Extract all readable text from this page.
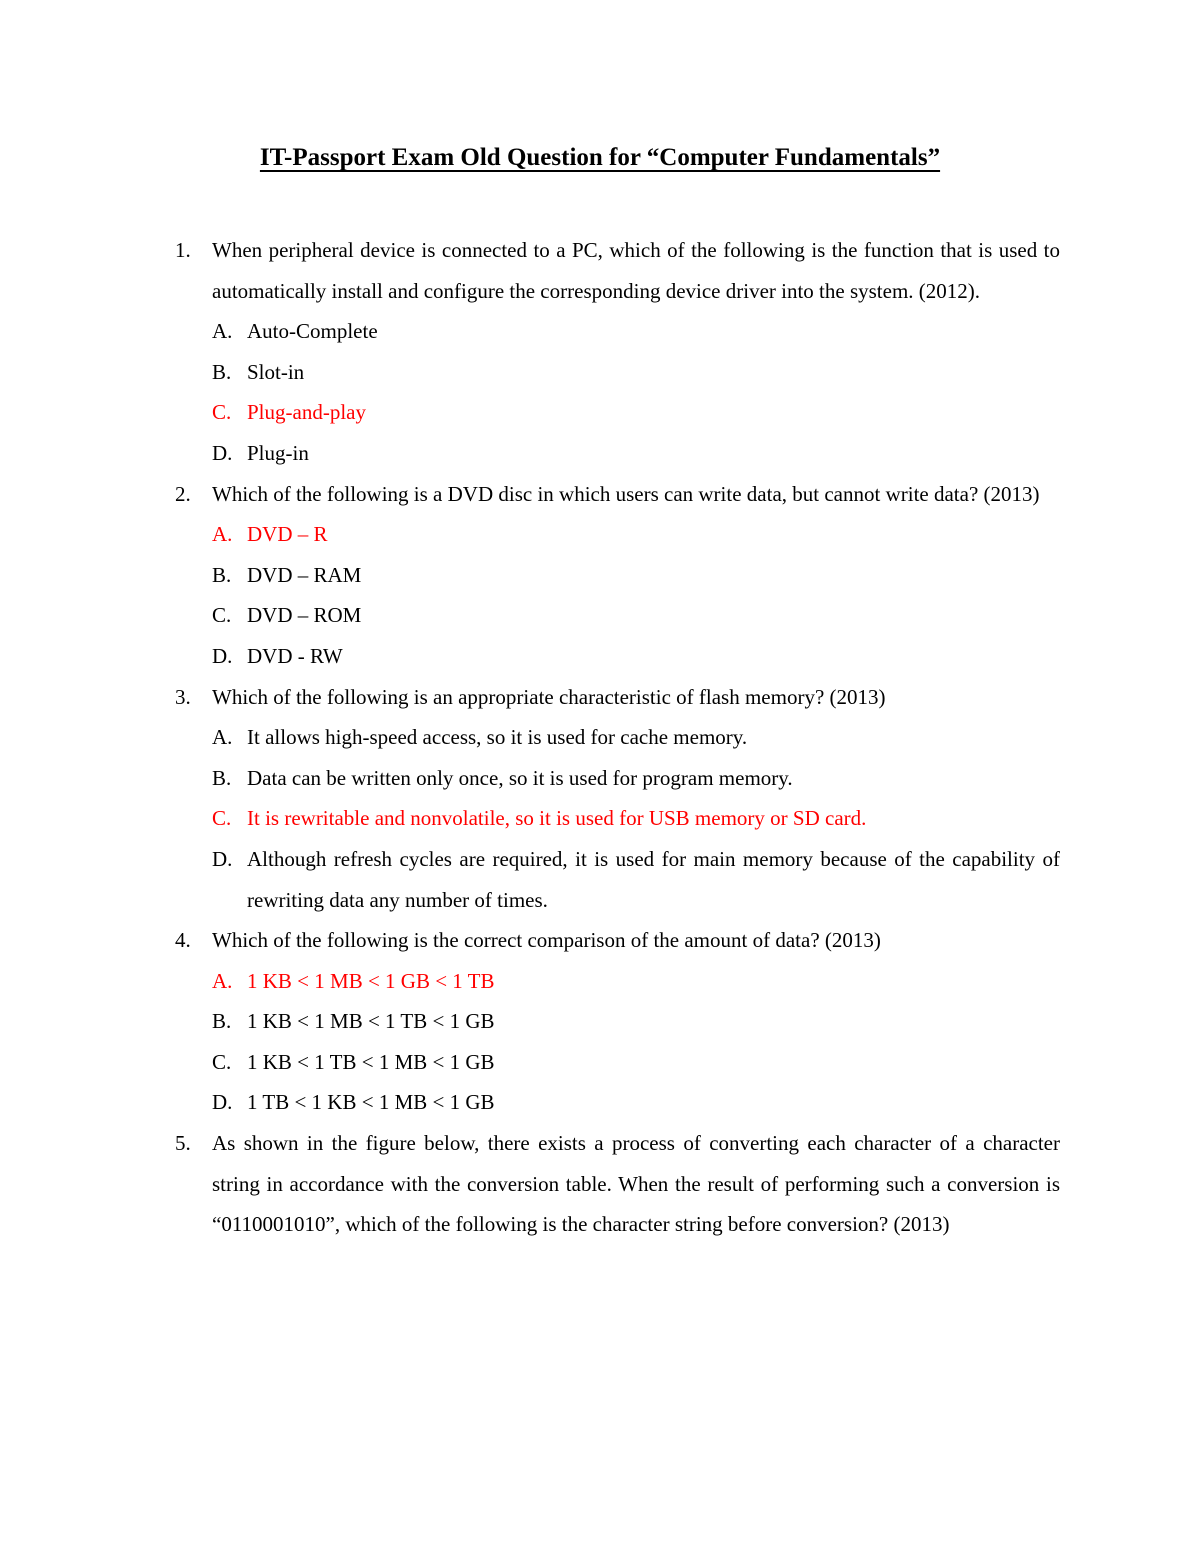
IT-Passport Exam Old Question for “Computer Fundamentals”
1. When peripheral device is connected to a PC, which of the following is the function that is used to automatically install and configure the corresponding device driver into the system. (2012).
A. Auto-Complete
B. Slot-in
C. Plug-and-play
D. Plug-in
2. Which of the following is a DVD disc in which users can write data, but cannot write data? (2013)
A. DVD – R
B. DVD – RAM
C. DVD – ROM
D. DVD - RW
3. Which of the following is an appropriate characteristic of flash memory? (2013)
A. It allows high-speed access, so it is used for cache memory.
B. Data can be written only once, so it is used for program memory.
C. It is rewritable and nonvolatile, so it is used for USB memory or SD card.
D. Although refresh cycles are required, it is used for main memory because of the capability of rewriting data any number of times.
4. Which of the following is the correct comparison of the amount of data? (2013)
A. 1 KB < 1 MB < 1 GB < 1 TB
B. 1 KB < 1 MB < 1 TB < 1 GB
C. 1 KB < 1 TB < 1 MB < 1 GB
D. 1 TB < 1 KB < 1 MB < 1 GB
5. As shown in the figure below, there exists a process of converting each character of a character string in accordance with the conversion table. When the result of performing such a conversion is “0110001010”, which of the following is the character string before conversion? (2013)
